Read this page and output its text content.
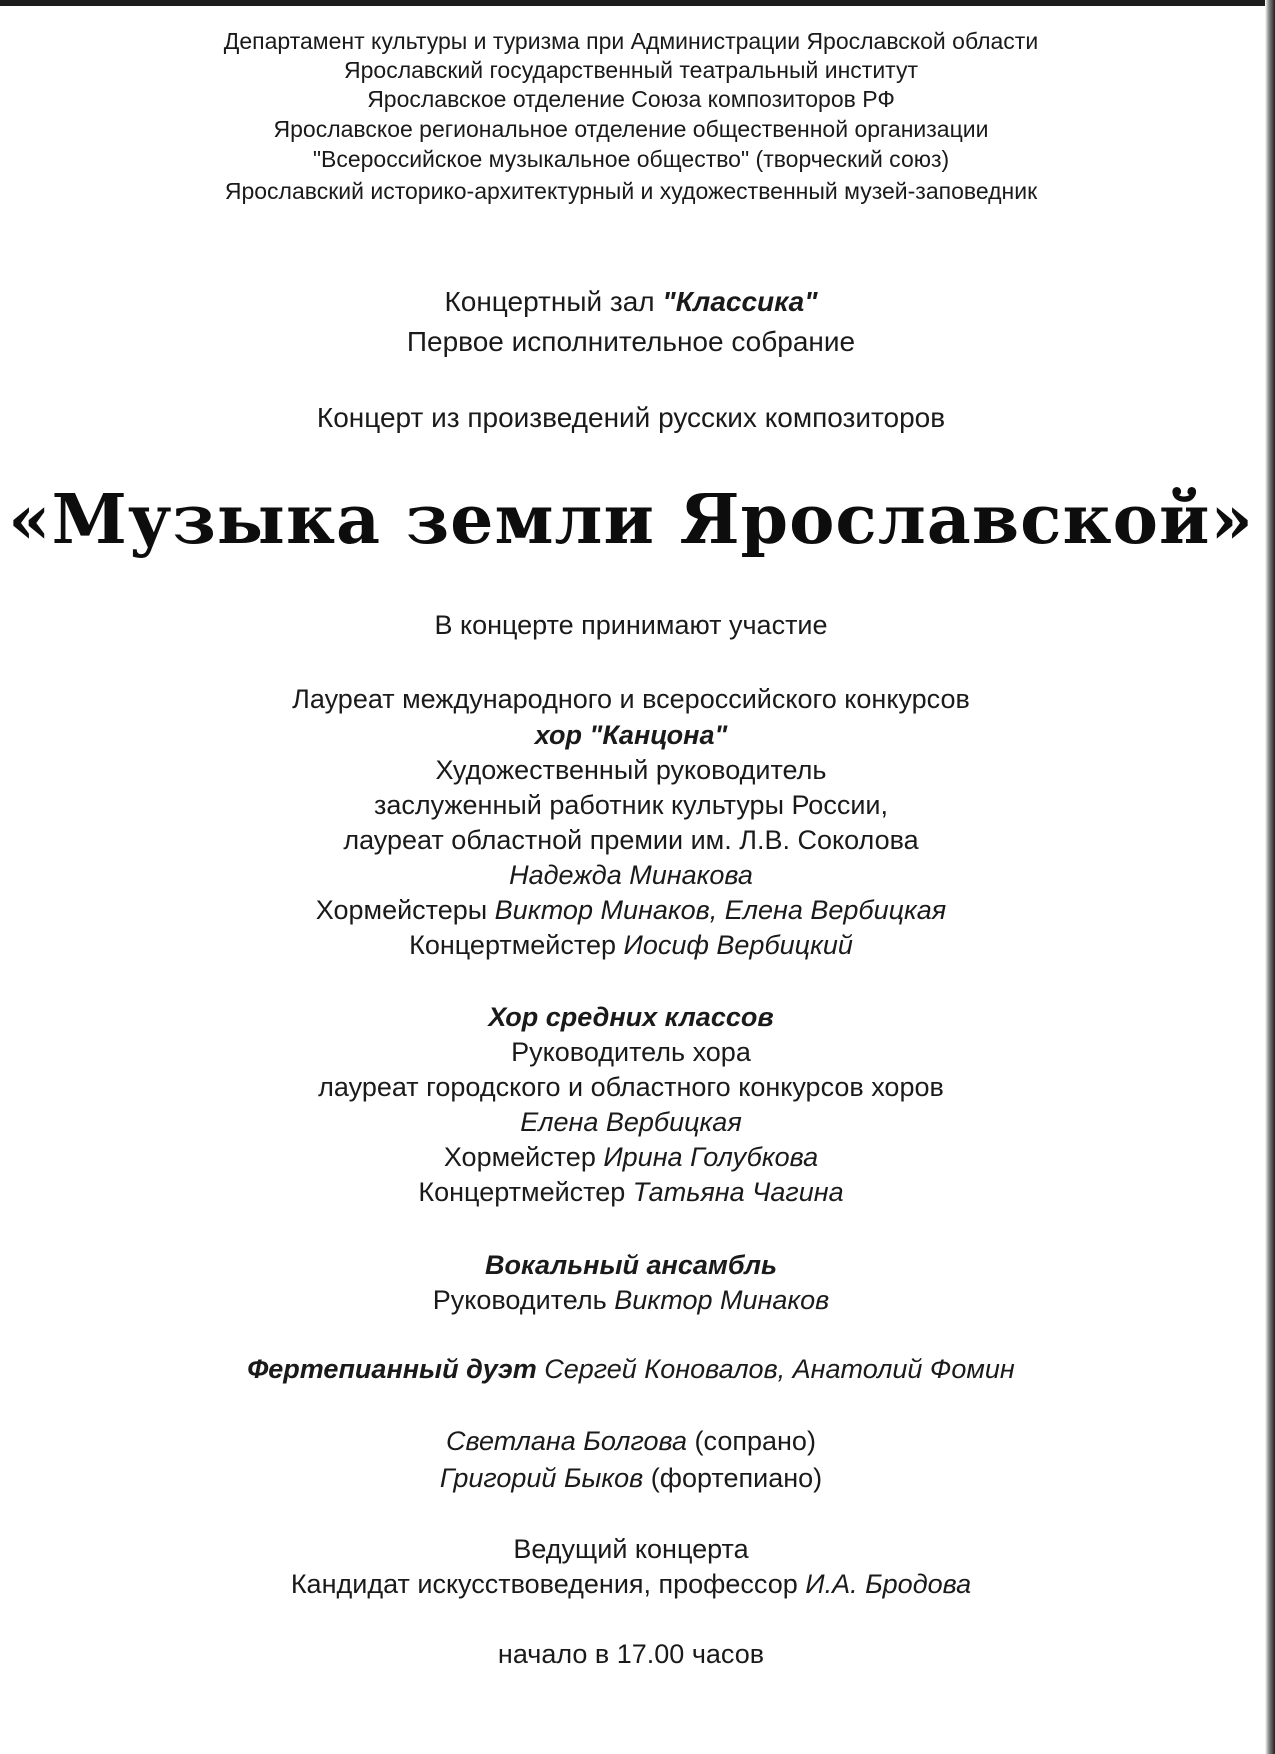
Департамент культуры и туризма при Администрации Ярославской области
Ярославский государственный театральный институт
Ярославское отделение Союза композиторов РФ
Ярославское региональное отделение общественной организации
"Всероссийское музыкальное общество" (творческий союз)
Ярославский историко-архитектурный и художественный музей-заповедник
Концертный зал "Классика"
Первое исполнительное собрание
Концерт из произведений русских композиторов
«Музыка земли Ярославской»
В концерте принимают участие
Лауреат международного и всероссийского конкурсов
хор "Канцона"
Художественный руководитель
заслуженный работник культуры России,
лауреат областной премии им. Л.В. Соколова
Надежда Минакова
Хормейстеры Виктор Минаков, Елена Вербицкая
Концертмейстер Иосиф Вербицкий
Хор средних классов
Руководитель хора
лауреат городского и областного конкурсов хоров
Елена Вербицкая
Хормейстер Ирина Голубкова
Концертмейстер Татьяна Чагина
Вокальный ансамбль
Руководитель Виктор Минаков
Фертепианный дуэт Сергей Коновалов, Анатолий Фомин
Светлана Болгова (сопрано)
Григорий Быков (фортепиано)
Ведущий концерта
Кандидат искусствоведения, профессор И.А. Бродова
начало в 17.00 часов
